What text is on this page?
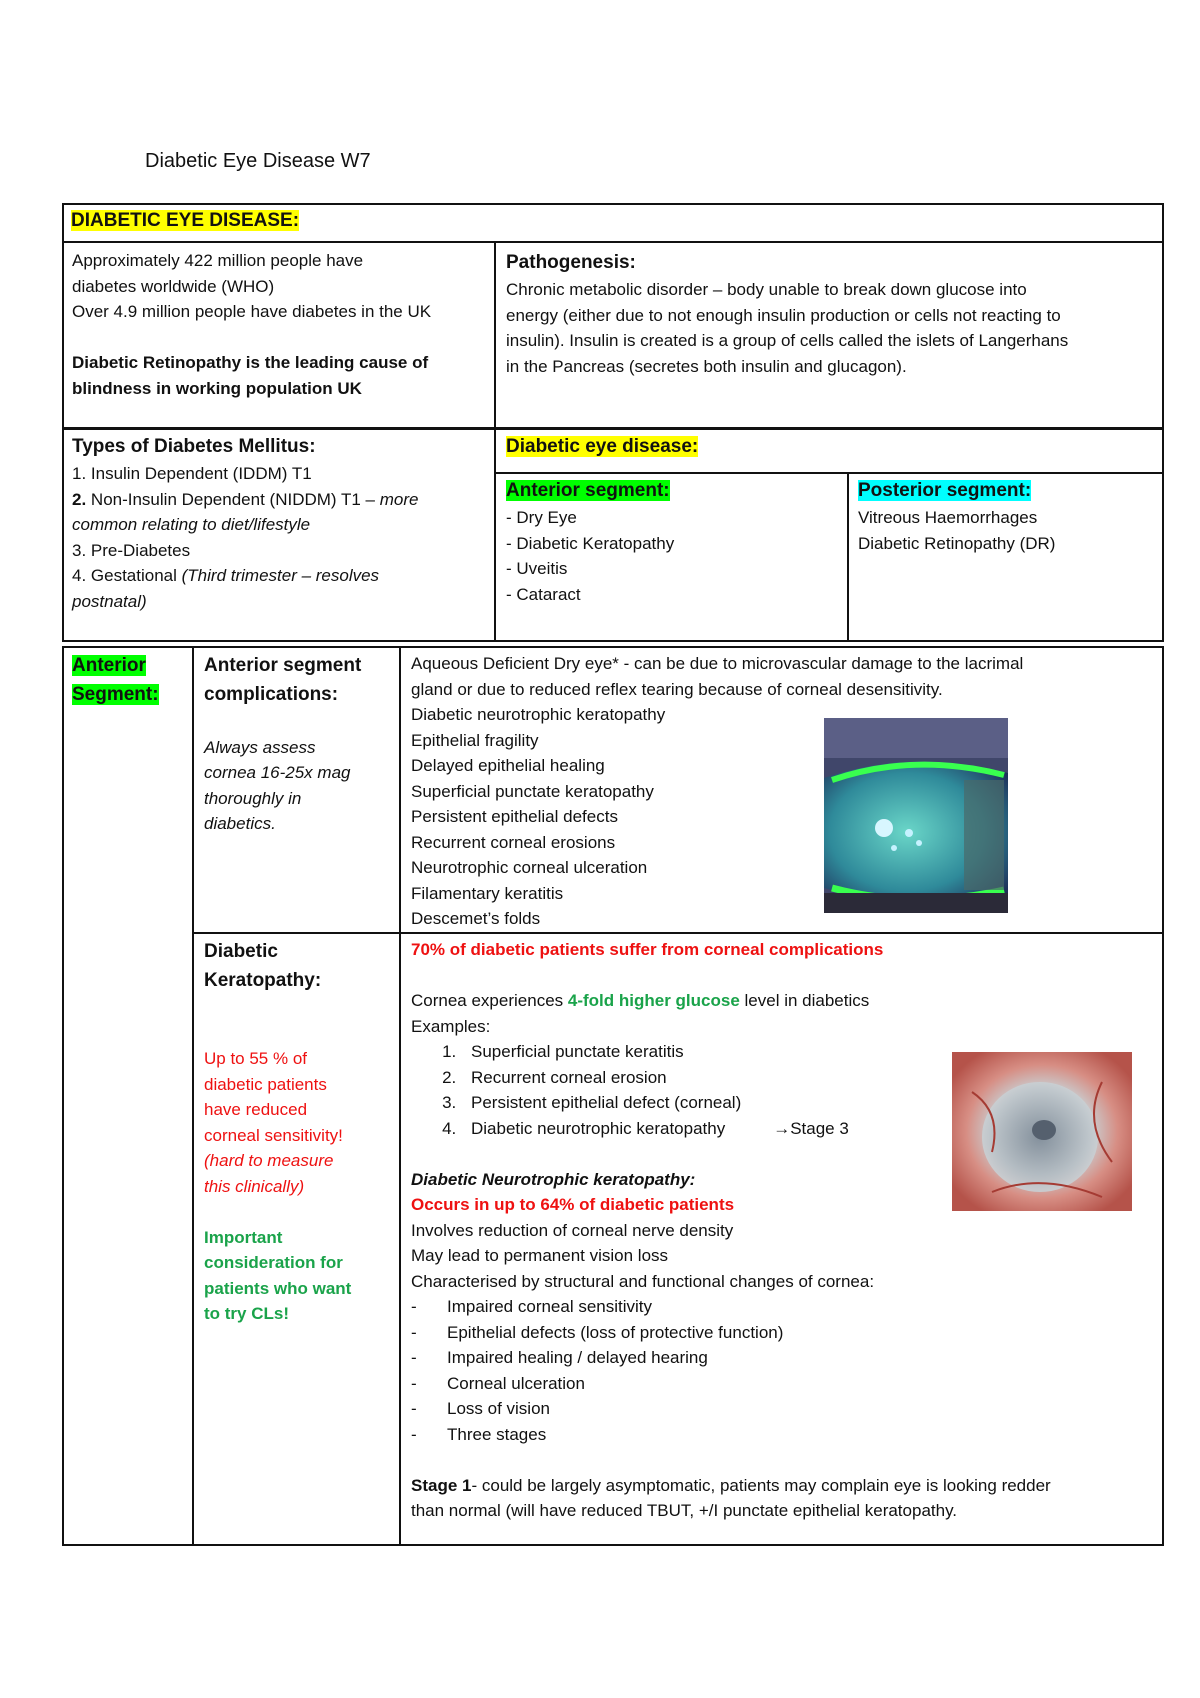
Diabetic Eye Disease W7
DIABETIC EYE DISEASE:
Approximately 422 million people have
diabetes worldwide (WHO)
Over 4.9 million people have diabetes in the UK

Diabetic Retinopathy is the leading cause of
blindness in working population UK
Pathogenesis:
Chronic metabolic disorder – body unable to break down glucose into
energy (either due to not enough insulin production or cells not reacting to
insulin). Insulin is created is a group of cells called the islets of Langerhans
in the Pancreas (secretes both insulin and glucagon).
Types of Diabetes Mellitus:
1. Insulin Dependent (IDDM) T1
2. Non-Insulin Dependent (NIDDM) T1 – more
common relating to diet/lifestyle
3. Pre-Diabetes
4. Gestational (Third trimester – resolves
postnatal)
Diabetic eye disease:
Anterior segment:
- Dry Eye
- Diabetic Keratopathy
- Uveitis
- Cataract
Posterior segment:
Vitreous Haemorrhages
Diabetic Retinopathy (DR)
Anterior
Segment:
Anterior segment
complications:

Always assess
cornea 16-25x mag
thoroughly in
diabetics.
Aqueous Deficient Dry eye* - can be due to microvascular damage to the lacrimal
gland or due to reduced reflex tearing because of corneal desensitivity.
Diabetic neurotrophic keratopathy
Epithelial fragility
Delayed epithelial healing
Superficial punctate keratopathy
Persistent epithelial defects
Recurrent corneal erosions
Neurotrophic corneal ulceration
Filamentary keratitis
Descemet’s folds
Diabetic
Keratopathy:

Up to 55 % of
diabetic patients
have reduced
corneal sensitivity!
(hard to measure
this clinically)

Important
consideration for
patients who want
to try CLs!
70% of diabetic patients suffer from corneal complications

Cornea experiences 4-fold higher glucose level in diabetics
Examples:
1. Superficial punctate keratitis
2. Recurrent corneal erosion
3. Persistent epithelial defect (corneal)
4. Diabetic neurotrophic keratopathy	→Stage 3

Diabetic Neurotrophic keratopathy:
Occurs in up to 64% of diabetic patients
Involves reduction of corneal nerve density
May lead to permanent vision loss
Characterised by structural and functional changes of cornea:
- Impaired corneal sensitivity
- Epithelial defects (loss of protective function)
- Impaired healing / delayed hearing
- Corneal ulceration
- Loss of vision
- Three stages

Stage 1- could be largely asymptomatic, patients may complain eye is looking redder
than normal (will have reduced TBUT, +/I punctate epithelial keratopathy.
